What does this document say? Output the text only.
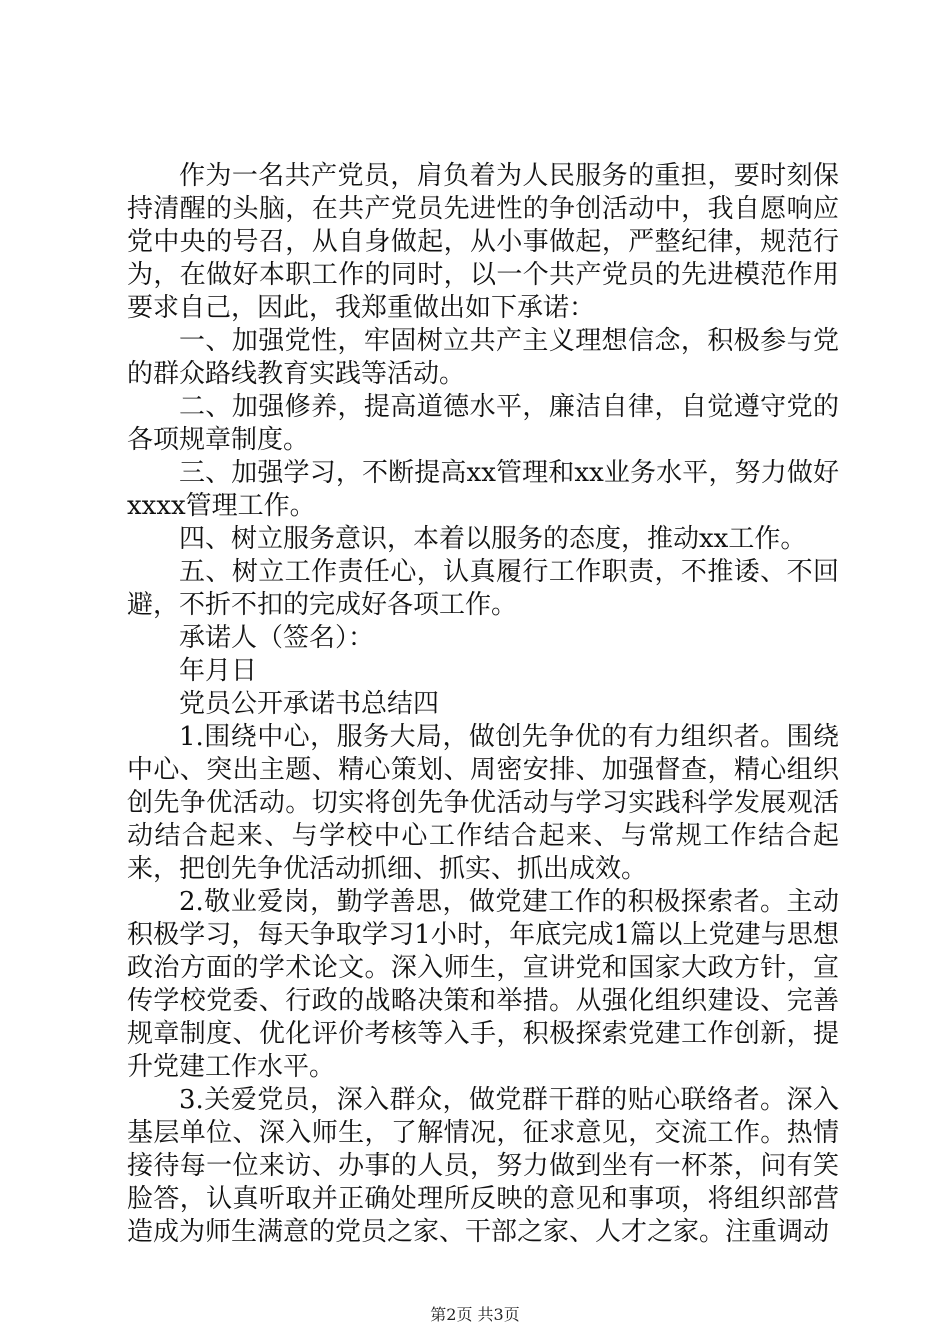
作为一名共产党员，肩负着为人民服务的重担，要时刻保持清醒的头脑，在共产党员先进性的争创活动中，我自愿响应党中央的号召，从自身做起，从小事做起，严整纪律，规范行为，在做好本职工作的同时，以一个共产党员的先进模范作用要求自己，因此，我郑重做出如下承诺：

一、加强党性，牢固树立共产主义理想信念，积极参与党的群众路线教育实践等活动。

二、加强修养，提高道德水平，廉洁自律，自觉遵守党的各项规章制度。

三、加强学习，不断提高xx管理和xx业务水平，努力做好xxxx管理工作。

四、树立服务意识，本着以服务的态度，推动xx工作。

五、树立工作责任心，认真履行工作职责，不推诿、不回避，不折不扣的完成好各项工作。

承诺人（签名）：

年月日

党员公开承诺书总结四

1.围绕中心，服务大局，做创先争优的有力组织者。围绕中心、突出主题、精心策划、周密安排、加强督查，精心组织创先争优活动。切实将创先争优活动与学习实践科学发展观活动结合起来、与学校中心工作结合起来、与常规工作结合起来，把创先争优活动抓细、抓实、抓出成效。

2.敬业爱岗，勤学善思，做党建工作的积极探索者。主动积极学习，每天争取学习1小时，年底完成1篇以上党建与思想政治方面的学术论文。深入师生，宣讲党和国家大政方针，宣传学校党委、行政的战略决策和举措。从强化组织建设、完善规章制度、优化评价考核等入手，积极探索党建工作创新，提升党建工作水平。

3.关爱党员，深入群众，做党群干群的贴心联络者。深入基层单位、深入师生，了解情况，征求意见，交流工作。热情接待每一位来访、办事的人员，努力做到坐有一杯茶，问有笑脸答，认真听取并正确处理所反映的意见和事项，将组织部营造成为师生满意的党员之家、干部之家、人才之家。注重调动

第2页 共3页
